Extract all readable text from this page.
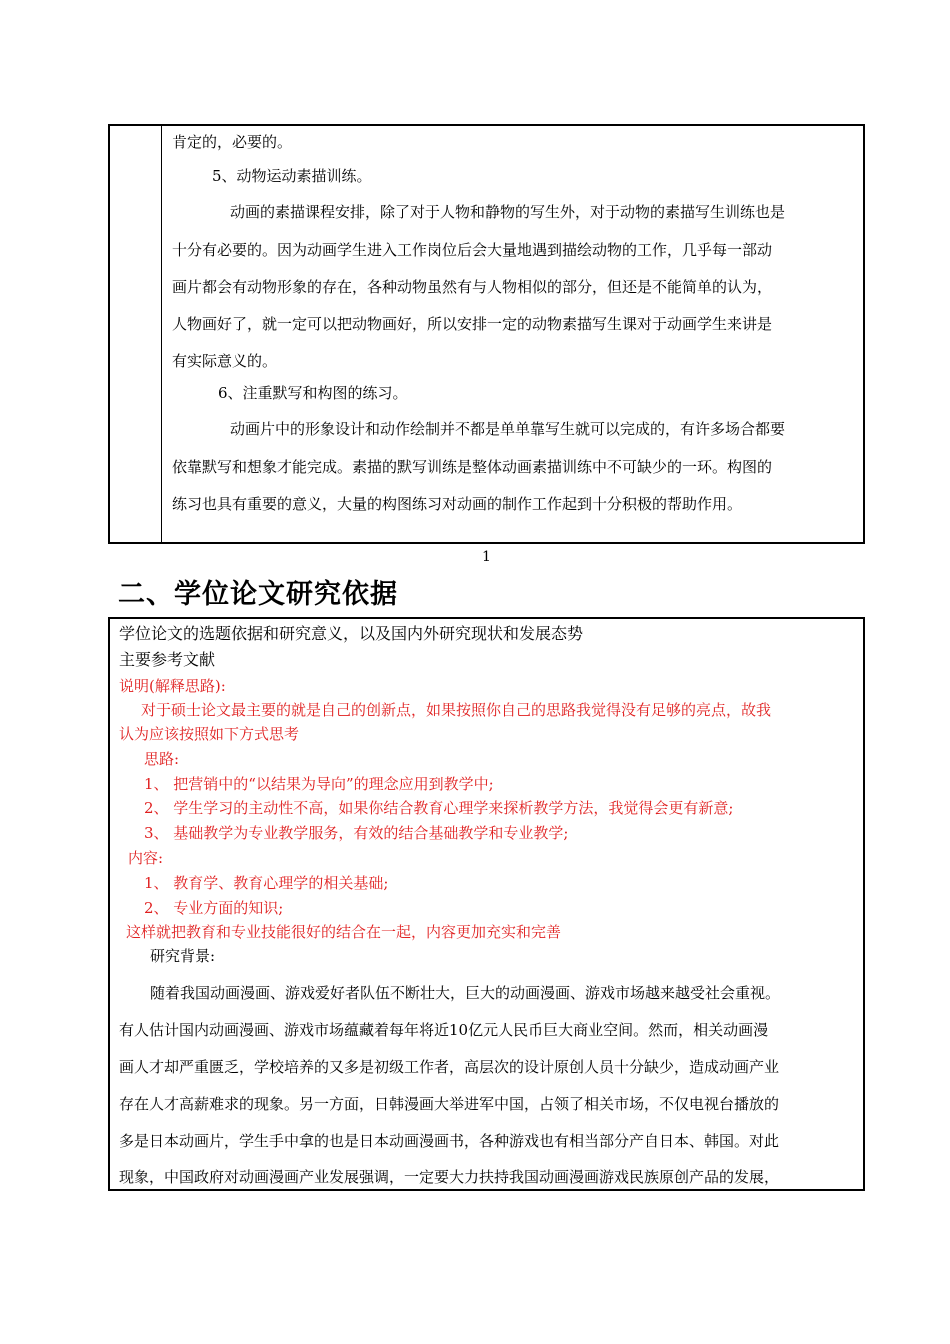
肯定的，必要的。
5、动物运动素描训练。
动画的素描课程安排，除了对于人物和静物的写生外，对于动物的素描写生训练也是
十分有必要的。因为动画学生进入工作岗位后会大量地遇到描绘动物的工作，几乎每一部动
画片都会有动物形象的存在，各种动物虽然有与人物相似的部分，但还是不能简单的认为，
人物画好了，就一定可以把动物画好，所以安排一定的动物素描写生课对于动画学生来讲是
有实际意义的。
6、注重默写和构图的练习。
动画片中的形象设计和动作绘制并不都是单单靠写生就可以完成的，有许多场合都要
依靠默写和想象才能完成。素描的默写训练是整体动画素描训练中不可缺少的一环。构图的
练习也具有重要的意义，大量的构图练习对动画的制作工作起到十分积极的帮助作用。
1
二、学位论文研究依据
学位论文的选题依据和研究意义，以及国内外研究现状和发展态势
主要参考文献
说明(解释思路):
对于硕士论文最主要的就是自己的创新点，如果按照你自己的思路我觉得没有足够的亮点，故我
认为应该按照如下方式思考
思路:
1、 把营销中的“以结果为导向”的理念应用到教学中;
2、 学生学习的主动性不高，如果你结合教育心理学来探析教学方法，我觉得会更有新意;
3、 基础教学为专业教学服务，有效的结合基础教学和专业教学;
内容:
1、 教育学、教育心理学的相关基础;
2、 专业方面的知识;
这样就把教育和专业技能很好的结合在一起，内容更加充实和完善
研究背景:
随着我国动画漫画、游戏爱好者队伍不断壮大，巨大的动画漫画、游戏市场越来越受社会重视。
有人估计国内动画漫画、游戏市场蕴藏着每年将近10亿元人民币巨大商业空间。然而，相关动画漫
画人才却严重匮乏，学校培养的又多是初级工作者，高层次的设计原创人员十分缺少，造成动画产业
存在人才高薪难求的现象。另一方面，日韩漫画大举进军中国，占领了相关市场，不仅电视台播放的
多是日本动画片，学生手中拿的也是日本动画漫画书，各种游戏也有相当部分产自日本、韩国。对此
现象，中国政府对动画漫画产业发展强调，一定要大力扶持我国动画漫画游戏民族原创产品的发展，
